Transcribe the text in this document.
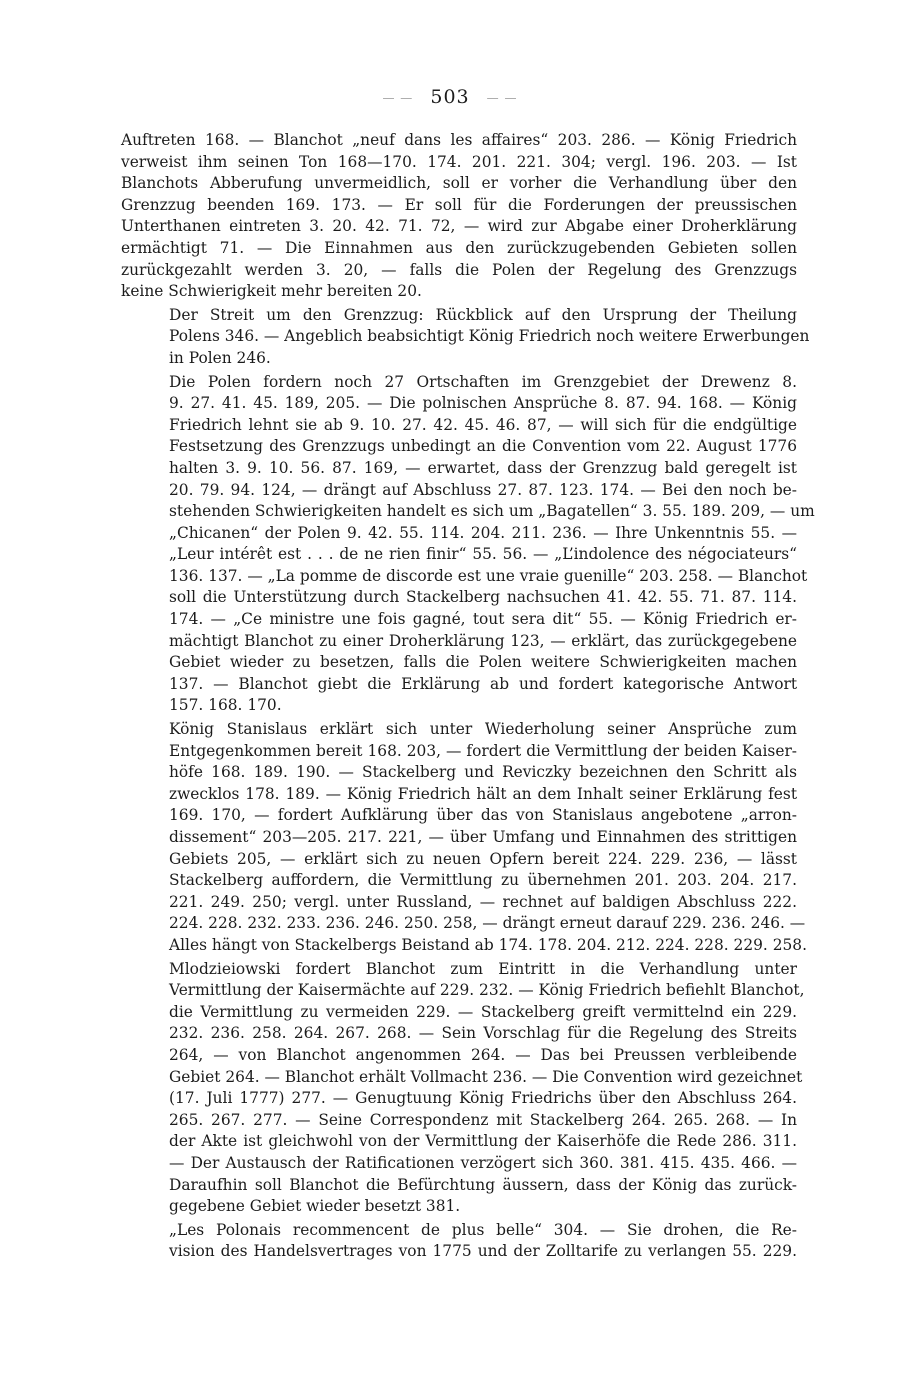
— — 503 — —
Auftreten 168. — Blanchot „neuf dans les affaires“ 203. 286. — König Friedrich
verweist ihm seinen Ton 168—170. 174. 201. 221. 304; vergl. 196. 203. — Ist
Blanchots Abberufung unvermeidlich, soll er vorher die Verhandlung über den
Grenzzug beenden 169. 173. — Er soll für die Forderungen der preussischen
Unterthanen eintreten 3. 20. 42. 71. 72, — wird zur Abgabe einer Droherklärung
ermächtigt 71. — Die Einnahmen aus den zurückzugebenden Gebieten sollen
zurückgezahlt werden 3. 20, — falls die Polen der Regelung des Grenzzugs
keine Schwierigkeit mehr bereiten 20.
Der Streit um den Grenzzug: Rückblick auf den Ursprung der Theilung
Polens 346. — Angeblich beabsichtigt König Friedrich noch weitere Erwerbungen
in Polen 246.
Die Polen fordern noch 27 Ortschaften im Grenzgebiet der Drewenz 8.
9. 27. 41. 45. 189, 205. — Die polnischen Ansprüche 8. 87. 94. 168. — König
Friedrich lehnt sie ab 9. 10. 27. 42. 45. 46. 87, — will sich für die endgültige
Festsetzung des Grenzzugs unbedingt an die Convention vom 22. August 1776
halten 3. 9. 10. 56. 87. 169, — erwartet, dass der Grenzzug bald geregelt ist
20. 79. 94. 124, — drängt auf Abschluss 27. 87. 123. 174. — Bei den noch be-
stehenden Schwierigkeiten handelt es sich um „Bagatellen“ 3. 55. 189. 209, — um
„Chicanen“ der Polen 9. 42. 55. 114. 204. 211. 236. — Ihre Unkenntnis 55. —
„Leur intérêt est . . . de ne rien finir“ 55. 56. — „L’indolence des négociateurs“
136. 137. — „La pomme de discorde est une vraie guenille“ 203. 258. — Blanchot
soll die Unterstützung durch Stackelberg nachsuchen 41. 42. 55. 71. 87. 114.
174. — „Ce ministre une fois gagné, tout sera dit“ 55. — König Friedrich er-
mächtigt Blanchot zu einer Droherklärung 123, — erklärt, das zurückgegebene
Gebiet wieder zu besetzen, falls die Polen weitere Schwierigkeiten machen
137. — Blanchot giebt die Erklärung ab und fordert kategorische Antwort
157. 168. 170.
König Stanislaus erklärt sich unter Wiederholung seiner Ansprüche zum
Entgegenkommen bereit 168. 203, — fordert die Vermittlung der beiden Kaiser-
höfe 168. 189. 190. — Stackelberg und Reviczky bezeichnen den Schritt als
zwecklos 178. 189. — König Friedrich hält an dem Inhalt seiner Erklärung fest
169. 170, — fordert Aufklärung über das von Stanislaus angebotene „arron-
dissement“ 203—205. 217. 221, — über Umfang und Einnahmen des strittigen
Gebiets 205, — erklärt sich zu neuen Opfern bereit 224. 229. 236, — lässt
Stackelberg auffordern, die Vermittlung zu übernehmen 201. 203. 204. 217.
221. 249. 250; vergl. unter Russland, — rechnet auf baldigen Abschluss 222.
224. 228. 232. 233. 236. 246. 250. 258, — drängt erneut darauf 229. 236. 246. —
Alles hängt von Stackelbergs Beistand ab 174. 178. 204. 212. 224. 228. 229. 258.
Mlodzieiowski fordert Blanchot zum Eintritt in die Verhandlung unter
Vermittlung der Kaisermächte auf 229. 232. — König Friedrich befiehlt Blanchot,
die Vermittlung zu vermeiden 229. — Stackelberg greift vermittelnd ein 229.
232. 236. 258. 264. 267. 268. — Sein Vorschlag für die Regelung des Streits
264, — von Blanchot angenommen 264. — Das bei Preussen verbleibende
Gebiet 264. — Blanchot erhält Vollmacht 236. — Die Convention wird gezeichnet
(17. Juli 1777) 277. — Genugtuung König Friedrichs über den Abschluss 264.
265. 267. 277. — Seine Correspondenz mit Stackelberg 264. 265. 268. — In
der Akte ist gleichwohl von der Vermittlung der Kaiserhöfe die Rede 286. 311.
— Der Austausch der Ratificationen verzögert sich 360. 381. 415. 435. 466. —
Daraufhin soll Blanchot die Befürchtung äussern, dass der König das zurück-
gegebene Gebiet wieder besetzt 381.
„Les Polonais recommencent de plus belle“ 304. — Sie drohen, die Re-
vision des Handelsvertrages von 1775 und der Zolltarife zu verlangen 55. 229.
